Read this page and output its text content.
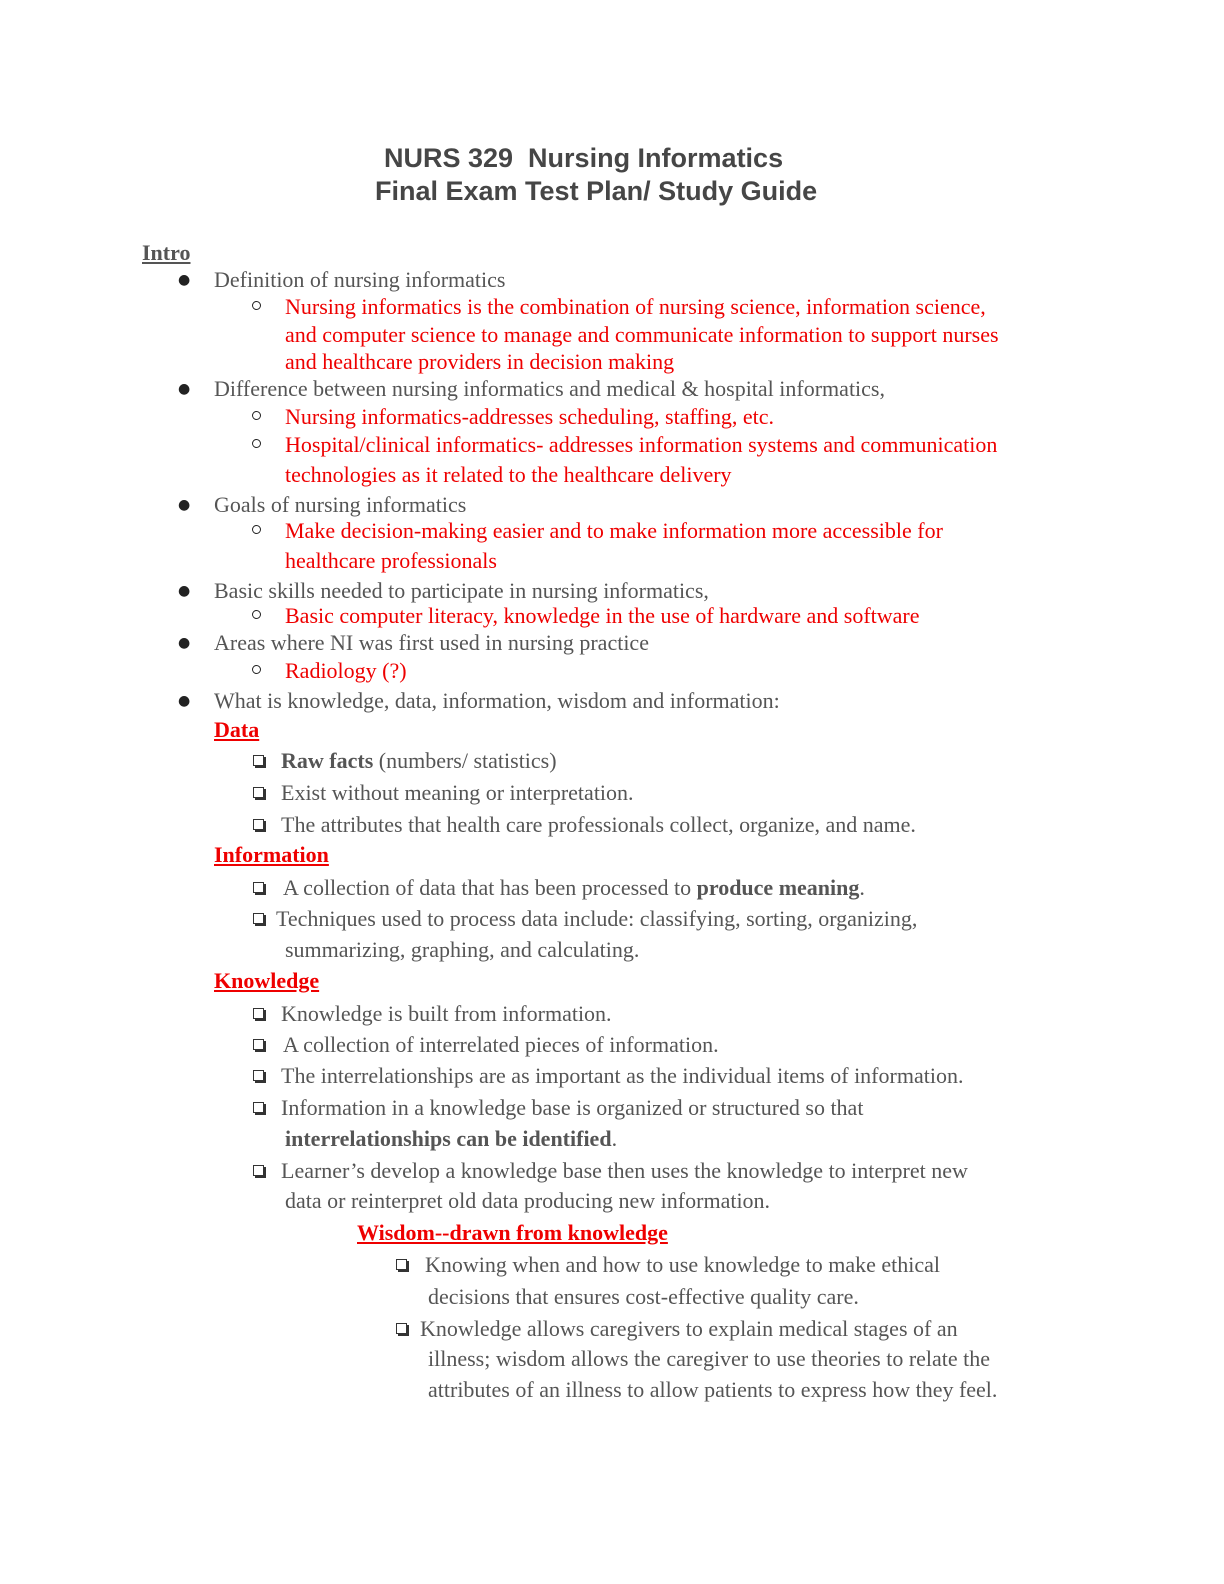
NURS 329  Nursing Informatics
Final Exam Test Plan/ Study Guide
Intro
● Definition of nursing informatics
Nursing informatics is the combination of nursing science, information science,
and computer science to manage and communicate information to support nurses
and healthcare providers in decision making
● Difference between nursing informatics and medical & hospital informatics,
Nursing informatics-addresses scheduling, staffing, etc.
Hospital/clinical informatics- addresses information systems and communication
technologies as it related to the healthcare delivery
● Goals of nursing informatics
Make decision-making easier and to make information more accessible for
healthcare professionals
● Basic skills needed to participate in nursing informatics,
Basic computer literacy, knowledge in the use of hardware and software
● Areas where NI was first used in nursing practice
Radiology (?)
● What is knowledge, data, information, wisdom and information:
Data
Raw facts (numbers/ statistics)
Exist without meaning or interpretation.
The attributes that health care professionals collect, organize, and name.
Information
A collection of data that has been processed to produce meaning.
Techniques used to process data include: classifying, sorting, organizing,
summarizing, graphing, and calculating.
Knowledge
Knowledge is built from information.
A collection of interrelated pieces of information.
The interrelationships are as important as the individual items of information.
Information in a knowledge base is organized or structured so that
interrelationships can be identified.
Learner’s develop a knowledge base then uses the knowledge to interpret new
data or reinterpret old data producing new information.
Wisdom--drawn from knowledge
Knowing when and how to use knowledge to make ethical
decisions that ensures cost-effective quality care.
Knowledge allows caregivers to explain medical stages of an
illness; wisdom allows the caregiver to use theories to relate the
attributes of an illness to allow patients to express how they feel.
